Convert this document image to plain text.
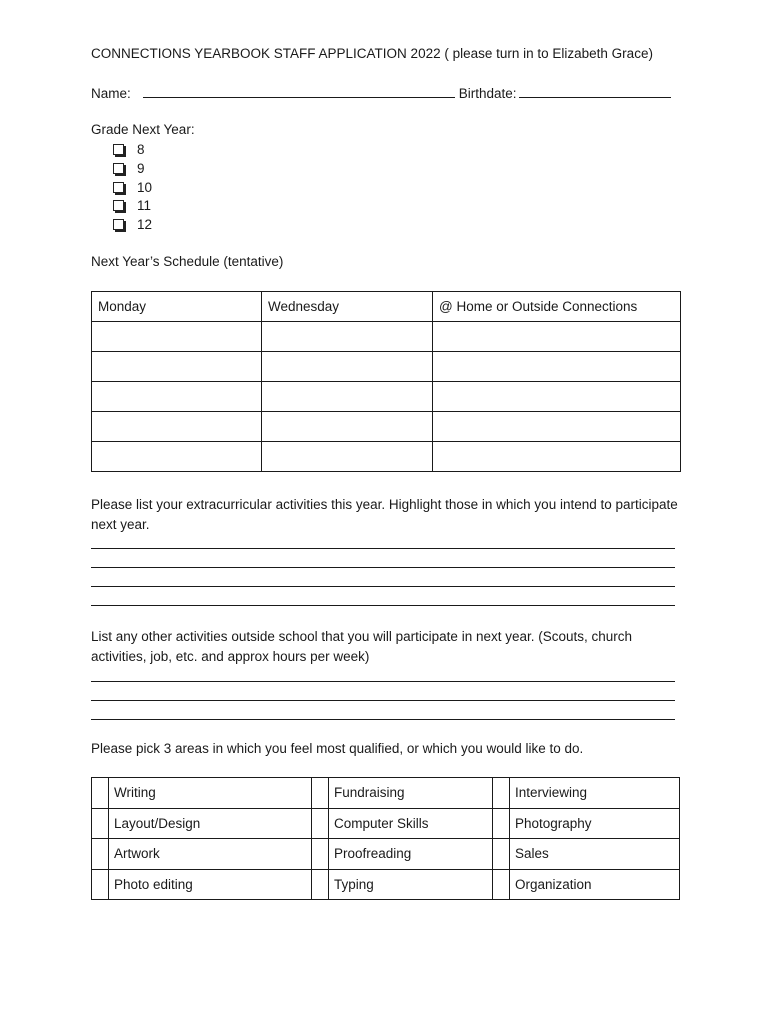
CONNECTIONS YEARBOOK STAFF APPLICATION 2022 ( please turn in to Elizabeth Grace)
Name:	Birthdate:
Grade Next Year:
8
9
10
11
12
Next Year’s Schedule (tentative)
Monday	Wednesday	@ Home or Outside Connections

Please list your extracurricular activities this year. Highlight those in which you intend to participate next year.
List any other activities outside school that you will participate in next year. (Scouts, church activities, job, etc. and approx hours per week)
Please pick 3 areas in which you feel most qualified, or which you would like to do.
	Writing		Fundraising		Interviewing
	Layout/Design		Computer Skills		Photography
	Artwork		Proofreading		Sales
	Photo editing		Typing		Organization
